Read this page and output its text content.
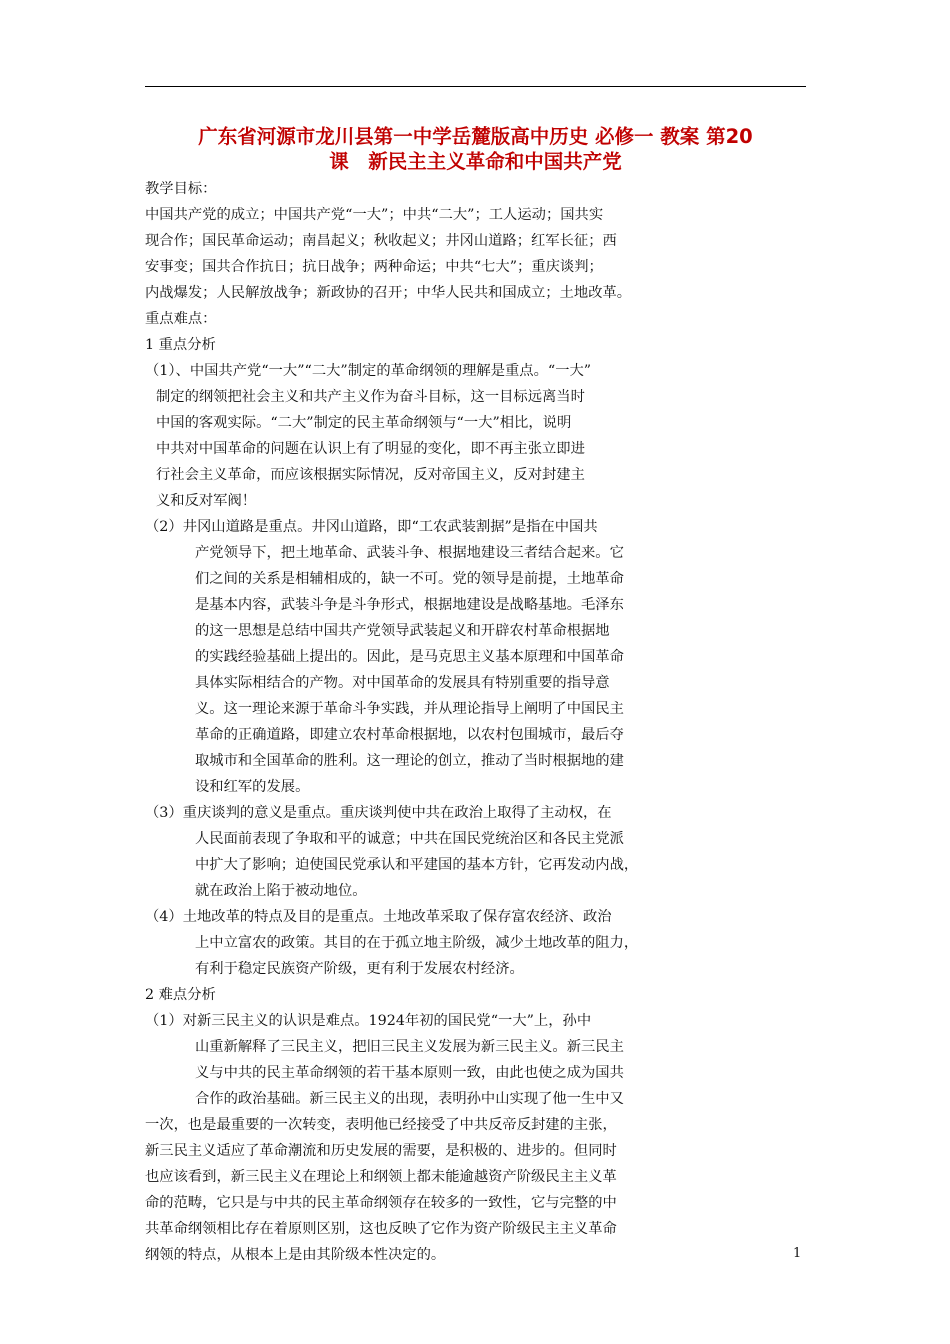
广东省河源市龙川县第一中学岳麓版高中历史 必修一 教案 第20
课　新民主主义革命和中国共产党
教学目标：
中国共产党的成立；中国共产党“一大”；中共“二大”；工人运动；国共实
现合作；国民革命运动；南昌起义；秋收起义；井冈山道路；红军长征；西
安事变；国共合作抗日；抗日战争；两种命运；中共“七大”；重庆谈判；
内战爆发；人民解放战争；新政协的召开；中华人民共和国成立；土地改革。
重点难点：
1 重点分析
（1）、中国共产党“一大”“二大”制定的革命纲领的理解是重点。“一大”
制定的纲领把社会主义和共产主义作为奋斗目标，这一目标远离当时
中国的客观实际。“二大”制定的民主革命纲领与“一大”相比，说明
中共对中国革命的问题在认识上有了明显的变化，即不再主张立即进
行社会主义革命，而应该根据实际情况，反对帝国主义，反对封建主
义和反对军阀！
（2）井冈山道路是重点。井冈山道路，即“工农武装割据”是指在中国共
产党领导下，把土地革命、武装斗争、根据地建设三者结合起来。它
们之间的关系是相辅相成的，缺一不可。党的领导是前提，土地革命
是基本内容，武装斗争是斗争形式，根据地建设是战略基地。毛泽东
的这一思想是总结中国共产党领导武装起义和开辟农村革命根据地
的实践经验基础上提出的。因此，是马克思主义基本原理和中国革命
具体实际相结合的产物。对中国革命的发展具有特别重要的指导意
义。这一理论来源于革命斗争实践，并从理论指导上阐明了中国民主
革命的正确道路，即建立农村革命根据地，以农村包围城市，最后夺
取城市和全国革命的胜利。这一理论的创立，推动了当时根据地的建
设和红军的发展。
（3）重庆谈判的意义是重点。重庆谈判使中共在政治上取得了主动权，在
人民面前表现了争取和平的诚意；中共在国民党统治区和各民主党派
中扩大了影响；迫使国民党承认和平建国的基本方针，它再发动内战，
就在政治上陷于被动地位。
（4）土地改革的特点及目的是重点。土地改革采取了保存富农经济、政治
上中立富农的政策。其目的在于孤立地主阶级，减少土地改革的阻力，
有利于稳定民族资产阶级，更有利于发展农村经济。
2 难点分析
（1）对新三民主义的认识是难点。1924年初的国民党“一大”上，孙中
山重新解释了三民主义，把旧三民主义发展为新三民主义。新三民主
义与中共的民主革命纲领的若干基本原则一致，由此也使之成为国共
合作的政治基础。新三民主义的出现，表明孙中山实现了他一生中又
一次，也是最重要的一次转变，表明他已经接受了中共反帝反封建的主张，
新三民主义适应了革命潮流和历史发展的需要，是积极的、进步的。但同时
也应该看到，新三民主义在理论上和纲领上都未能逾越资产阶级民主主义革
命的范畴，它只是与中共的民主革命纲领存在较多的一致性，它与完整的中
共革命纲领相比存在着原则区别，这也反映了它作为资产阶级民主主义革命
纲领的特点，从根本上是由其阶级本性决定的。	1
